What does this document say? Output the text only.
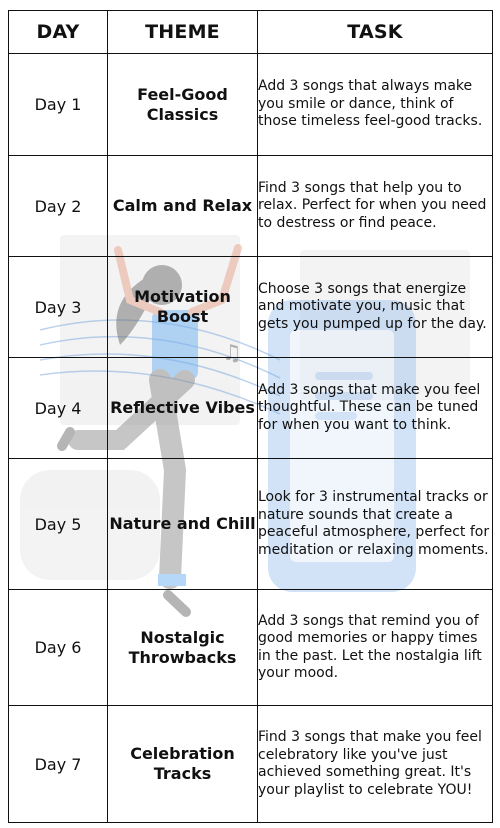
♫
DAY	THEME	TASK
Day 1	Feel-Good Classics	Add 3 songs that always make you smile or dance, think of those timeless feel-good tracks.
Day 2	Calm and Relax	Find 3 songs that help you to relax. Perfect for when you need to destress or find peace.
Day 3	Motivation Boost	Choose 3 songs that energize and motivate you, music that gets you pumped up for the day.
Day 4	Reflective Vibes	Add 3 songs that make you feel thoughtful. These can be tuned for when you want to think.
Day 5	Nature and Chill	Look for 3 instrumental tracks or nature sounds that create a peaceful atmosphere, perfect for meditation or relaxing moments.
Day 6	Nostalgic Throwbacks	Add 3 songs that remind you of good memories or happy times in the past. Let the nostalgia lift your mood.
Day 7	Celebration Tracks	Find 3 songs that make you feel celebratory like you've just achieved something great. It's your playlist to celebrate YOU!
